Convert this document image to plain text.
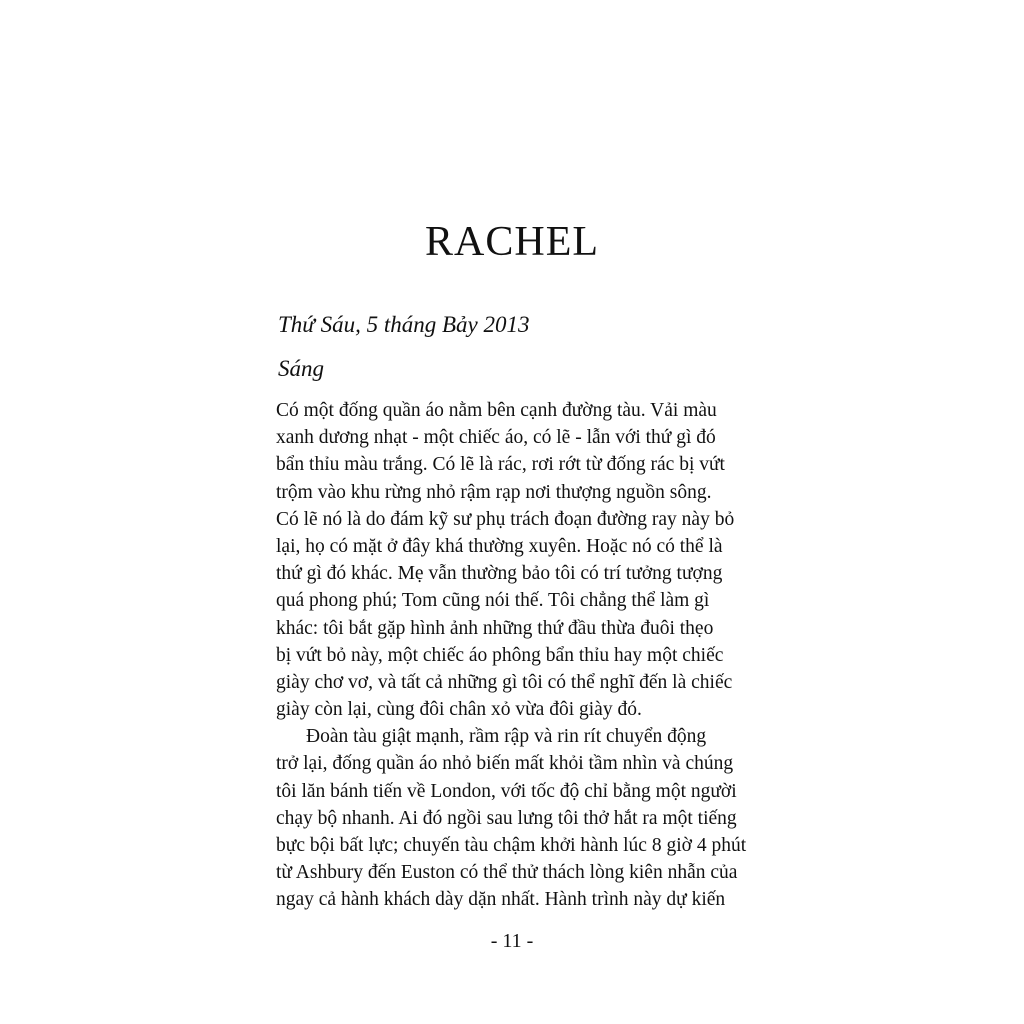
RACHEL
Thứ Sáu, 5 tháng Bảy 2013
Sáng
Có một đống quần áo nằm bên cạnh đường tàu. Vải màu
xanh dương nhạt - một chiếc áo, có lẽ - lẫn với thứ gì đó
bẩn thỉu màu trắng. Có lẽ là rác, rơi rớt từ đống rác bị vứt
trộm vào khu rừng nhỏ rậm rạp nơi thượng nguồn sông.
Có lẽ nó là do đám kỹ sư phụ trách đoạn đường ray này bỏ
lại, họ có mặt ở đây khá thường xuyên. Hoặc nó có thể là
thứ gì đó khác. Mẹ vẫn thường bảo tôi có trí tưởng tượng
quá phong phú; Tom cũng nói thế. Tôi chẳng thể làm gì
khác: tôi bắt gặp hình ảnh những thứ đầu thừa đuôi thẹo
bị vứt bỏ này, một chiếc áo phông bẩn thỉu hay một chiếc
giày chơ vơ, và tất cả những gì tôi có thể nghĩ đến là chiếc
giày còn lại, cùng đôi chân xỏ vừa đôi giày đó.
Đoàn tàu giật mạnh, rầm rập và rin rít chuyển động
trở lại, đống quần áo nhỏ biến mất khỏi tầm nhìn và chúng
tôi lăn bánh tiến về London, với tốc độ chỉ bằng một người
chạy bộ nhanh. Ai đó ngồi sau lưng tôi thở hắt ra một tiếng
bực bội bất lực; chuyến tàu chậm khởi hành lúc 8 giờ 4 phút
từ Ashbury đến Euston có thể thử thách lòng kiên nhẫn của
ngay cả hành khách dày dặn nhất. Hành trình này dự kiến
- 11 -
